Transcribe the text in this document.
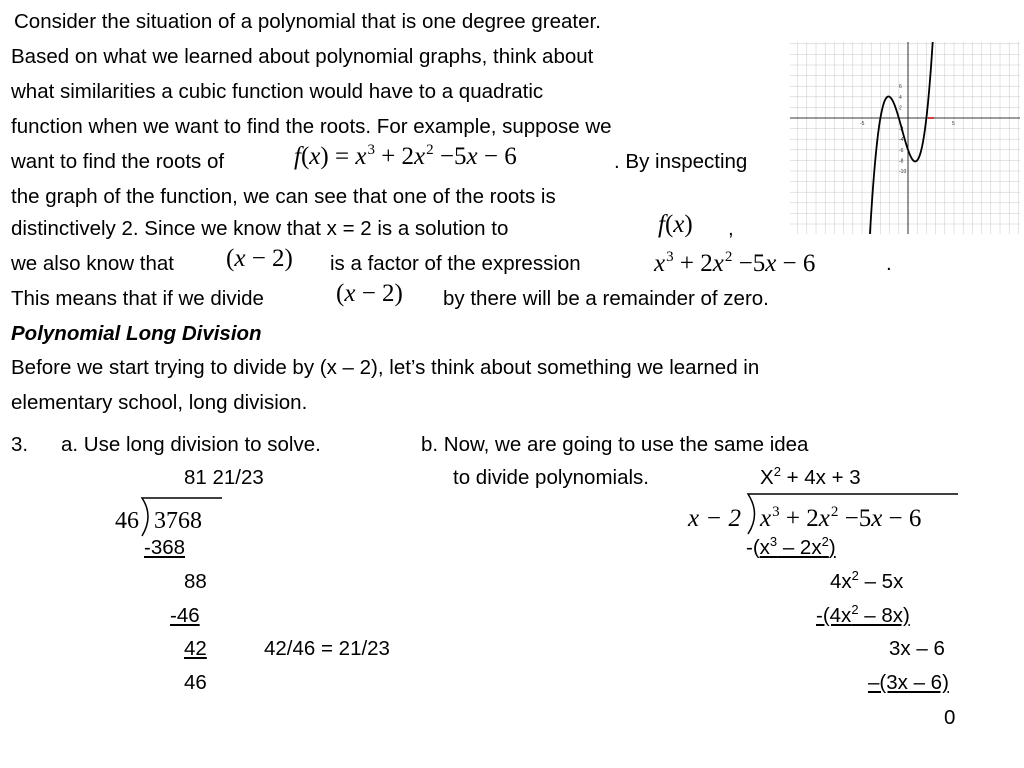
Consider the situation of a polynomial that is one degree greater.
Based on what we learned about polynomial graphs, think about
what similarities a cubic function would have to a quadratic
function when we want to find the roots. For example, suppose we
want to find the roots of	$f(x) = x^3 + 2x^2 -5x - 6$	. By inspecting
the graph of the function, we can see that one of the roots is
distinctively 2. Since we know that x = 2 is a solution to	f(x) ,
we also know that (x − 2) is a factor of the expression	$x^3 + 2x^2 -5x - 6$	.
This means that if we divide	(x − 2) by there will be a remainder of zero.
Polynomial Long Division
Before we start trying to divide by (x – 2), let’s think about something we learned in
elementary school, long division.
3. a. Use long division to solve.	b. Now, we are going to use the same idea
to divide polynomials.
81 21/23
46 3768
-368
88
-46
42	42/46 = 21/23
46
$X^2 + 4x + 3$
x − 2 $x^3 + 2x^2 -5x - 6$
$-(x^3 - 2x^2)$
$4x^2 - 5x$
$-(4x^2 - 8x)$
3x – 6
–(3x – 6)
0
6
4
2
-2
-4
-6
-8
-10
-5	5
